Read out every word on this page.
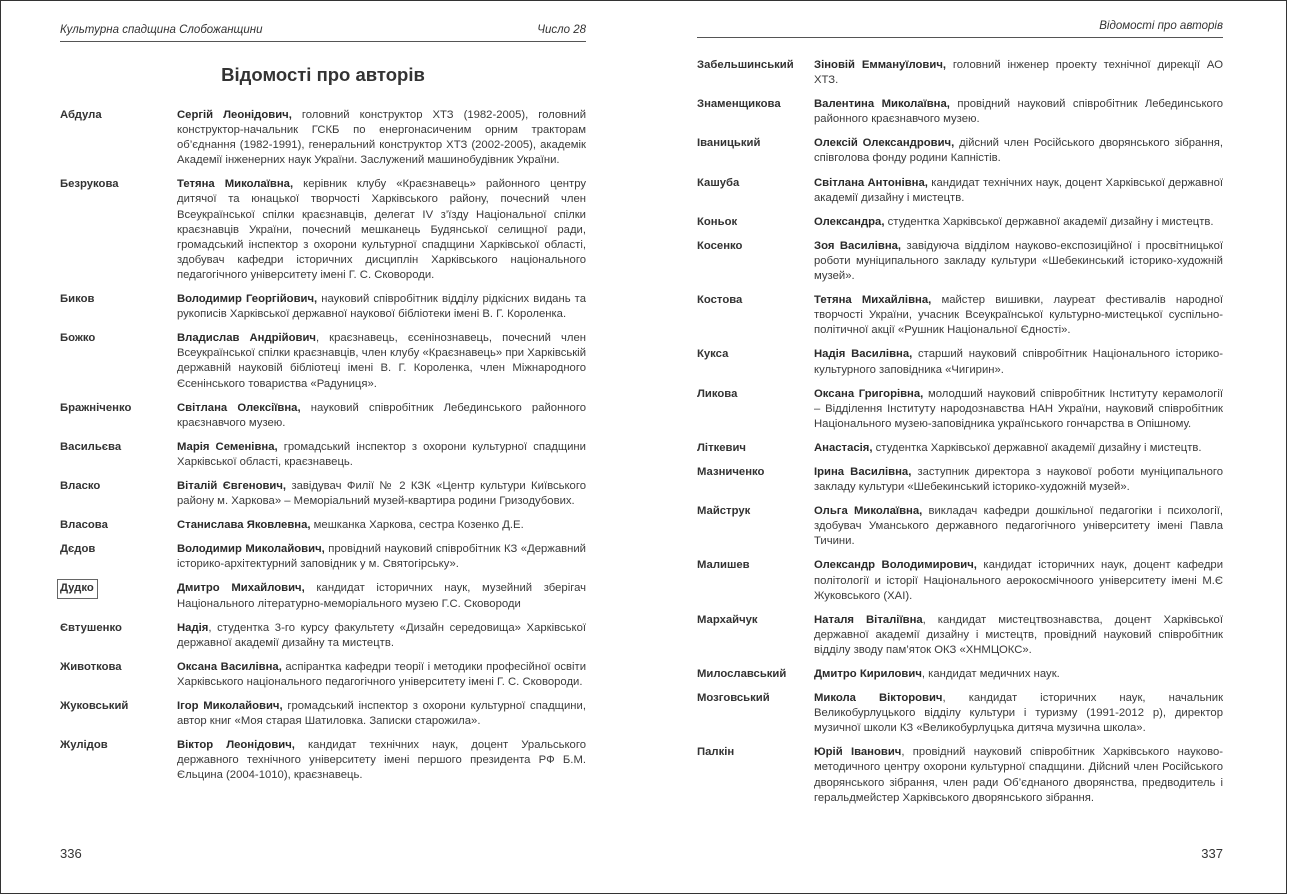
Культурна спадщина Слобожанщини	Число 28
Відомості про авторів
Абдула	Сергій Леонідович, головний конструктор ХТЗ (1982-2005), головний конструктор-начальник ГСКБ по енергонасиченим орним тракторам об’єднання (1982-1991), генеральний конструктор ХТЗ (2002-2005), академік Академії інженерних наук України. Заслужений машинобудівник України.
Безрукова	Тетяна Миколаївна, керівник клубу «Краєзнавець» районного центру дитячої та юнацької творчості Харківського району, почесний член Всеукраїнської спілки краєзнавців, делегат IV з’їзду Національної спілки краєзнавців України, почесний мешканець Будянської селищної ради, громадський інспектор з охорони культурної спадщини Харківської області, здобувач кафедри історичних дисциплін Харківського національного педагогічного університету імені Г. С. Сковороди.
Биков	Володимир Георгійович, науковий співробітник відділу рідкісних видань та рукописів Харківської державної наукової бібліотеки імені В. Г. Короленка.
Божко	Владислав Андрійович, краєзнавець, єсенінознавець, почесний член Всеукраїнської спілки краєзнавців, член клубу «Краєзнавець» при Харківській державній науковій бібліотеці імені В. Г. Короленка, член Міжнародного Єсенінського товариства «Радуниця».
Бражніченко	Світлана Олексіївна, науковий співробітник Лебединського районного краєзнавчого музею.
Васильєва	Марія Семенівна, громадський інспектор з охорони культурної спадщини Харківської області, краєзнавець.
Власко	Віталій Євгенович, завідувач Филії № 2 КЗК «Центр культури Київського району м. Харкова» – Меморіальний музей-квартира родини Гризодубових.
Власова	Станислава Яковлевна, мешканка Харкова, сестра Козенко Д.Е.
Дєдов	Володимир Миколайович, провідний науковий співробітник КЗ «Державний історико-архітектурний заповідник у м. Святогірську».
Дудко	Дмитро Михайлович, кандидат історичних наук, музейний зберігач Національного літературно-меморіального музею Г.С. Сковороди
Євтушенко	Надія, студентка 3-го курсу факультету «Дизайн середовища» Харківської державної академії дизайну та мистецтв.
Животкова	Оксана Василівна, аспірантка кафедри теорії і методики професійної освіти Харківського національного педагогічного університету імені Г. С. Сковороди.
Жуковський	Ігор Миколайович, громадський інспектор з охорони культурної спадщини, автор книг «Моя старая Шатиловка. Записки старожила».
Жулідов	Віктор Леонідович, кандидат технічних наук, доцент Уральського державного технічного університету імені першого президента РФ Б.М. Єльцина (2004-1010), краєзнавець.
336
Відомості про авторів
Забельшинський	Зіновій Еммануїлович, головний інженер проекту технічної дирекції АО ХТЗ.
Знаменщикова	Валентина Миколаївна, провідний науковий співробітник Лебединського районного краєзнавчого музею.
Іваницький	Олексій Олександрович, дійсний член Російського дворянського зібрання, співголова фонду родини Капністів.
Кашуба	Світлана Антонівна, кандидат технічних наук, доцент Харківської державної академії дизайну і мистецтв.
Коньок	Олександра, студентка Харківської державної академії дизайну і мистецтв.
Косенко	Зоя Василівна, завідуюча відділом науково-експозиційної і просвітницької роботи муніципального закладу культури «Шебекинський історико-художній музей».
Костова	Тетяна Михайлівна, майстер вишивки, лауреат фестивалів народної творчості України, учасник Всеукраїнської культурно-мистецької суспільно-політичної акції «Рушник Національної Єдності».
Кукса	Надія Василівна, старший науковий співробітник Національного історико-культурного заповідника «Чигирин».
Ликова	Оксана Григорівна, молодший науковий співробітник Інституту керамології – Відділення Інституту народознавства НАН України, науковий співробітник Національного музею-заповідника українського гончарства в Опішному.
Літкевич	Анастасія, студентка Харківської державної академії дизайну і мистецтв.
Мазниченко	Ірина Василівна, заступник директора з наукової роботи муніципального закладу культури «Шебекинський історико-художній музей».
Майструк	Ольга Миколаївна, викладач кафедри дошкільної педагогіки і психології, здобувач Уманського державного педагогічного університету імені Павла Тичини.
Малишев	Олександр Володимирович, кандидат історичних наук, доцент кафедри політології и історії Національного аерокосмічноого університету імені М.Є Жуковського (ХАІ).
Мархайчук	Наталя Віталіївна, кандидат мистецтвознавства, доцент Харківської державної академії дизайну і мистецтв, провідний науковий співробітник відділу зводу пам’яток ОКЗ «ХНМЦОКС».
Милославський	Дмитро Кирилович, кандидат медичних наук.
Мозговський	Микола Вікторович, кандидат історичних наук, начальник Великобурлуцького відділу культури і туризму (1991-2012 р), директор музичної школи КЗ «Великобурлуцька дитяча музична школа».
Палкін	Юрій Іванович, провідний науковий співробітник Харківського науково-методичного центру охорони культурної спадщини. Дійсний член Російського дворянського зібрання, член ради Об’єднаного дворянства, предводитель і геральдмейстер Харківського дворянського зібрання.
337
